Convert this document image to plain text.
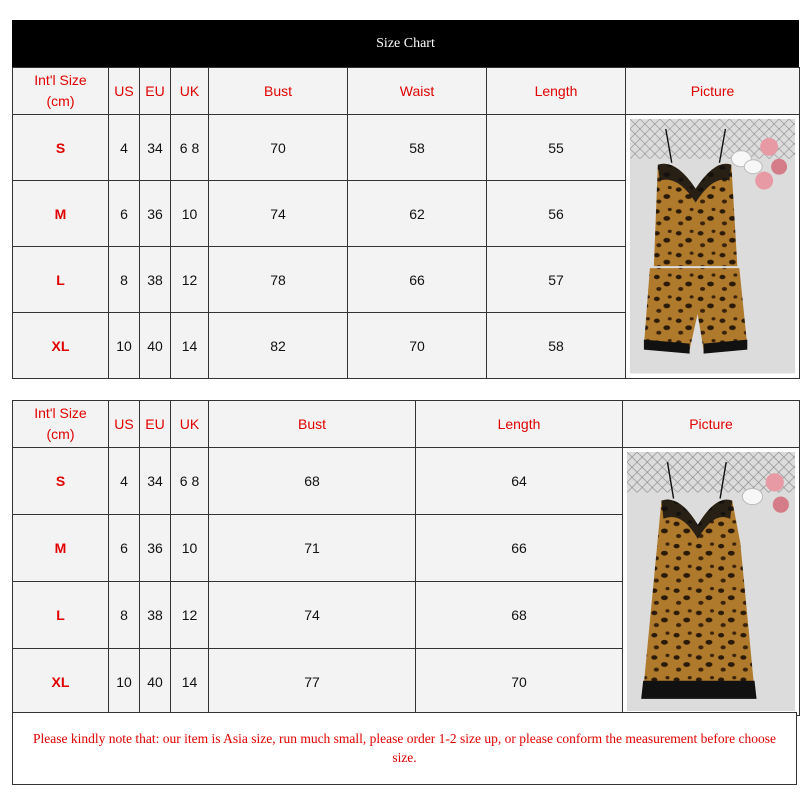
Size Chart
Int'l Size
(cm)	US	EU	UK	Bust	Waist	Length	Picture
S	4	34	6 8	70	58	55	

M	6	36	10	74	62	56	
L	8	38	12	78	66	57	
XL	10	40	14	82	70	58	
Int'l Size
(cm)	US	EU	UK	Bust	Length	Picture
S	4	34	6 8	68	64	

M	6	36	10	71	66	
L	8	38	12	74	68	
XL	10	40	14	77	70	
Please kindly note that: our item is Asia size, run much small, please order 1-2 size up, or please conform the measurement before choose size.
